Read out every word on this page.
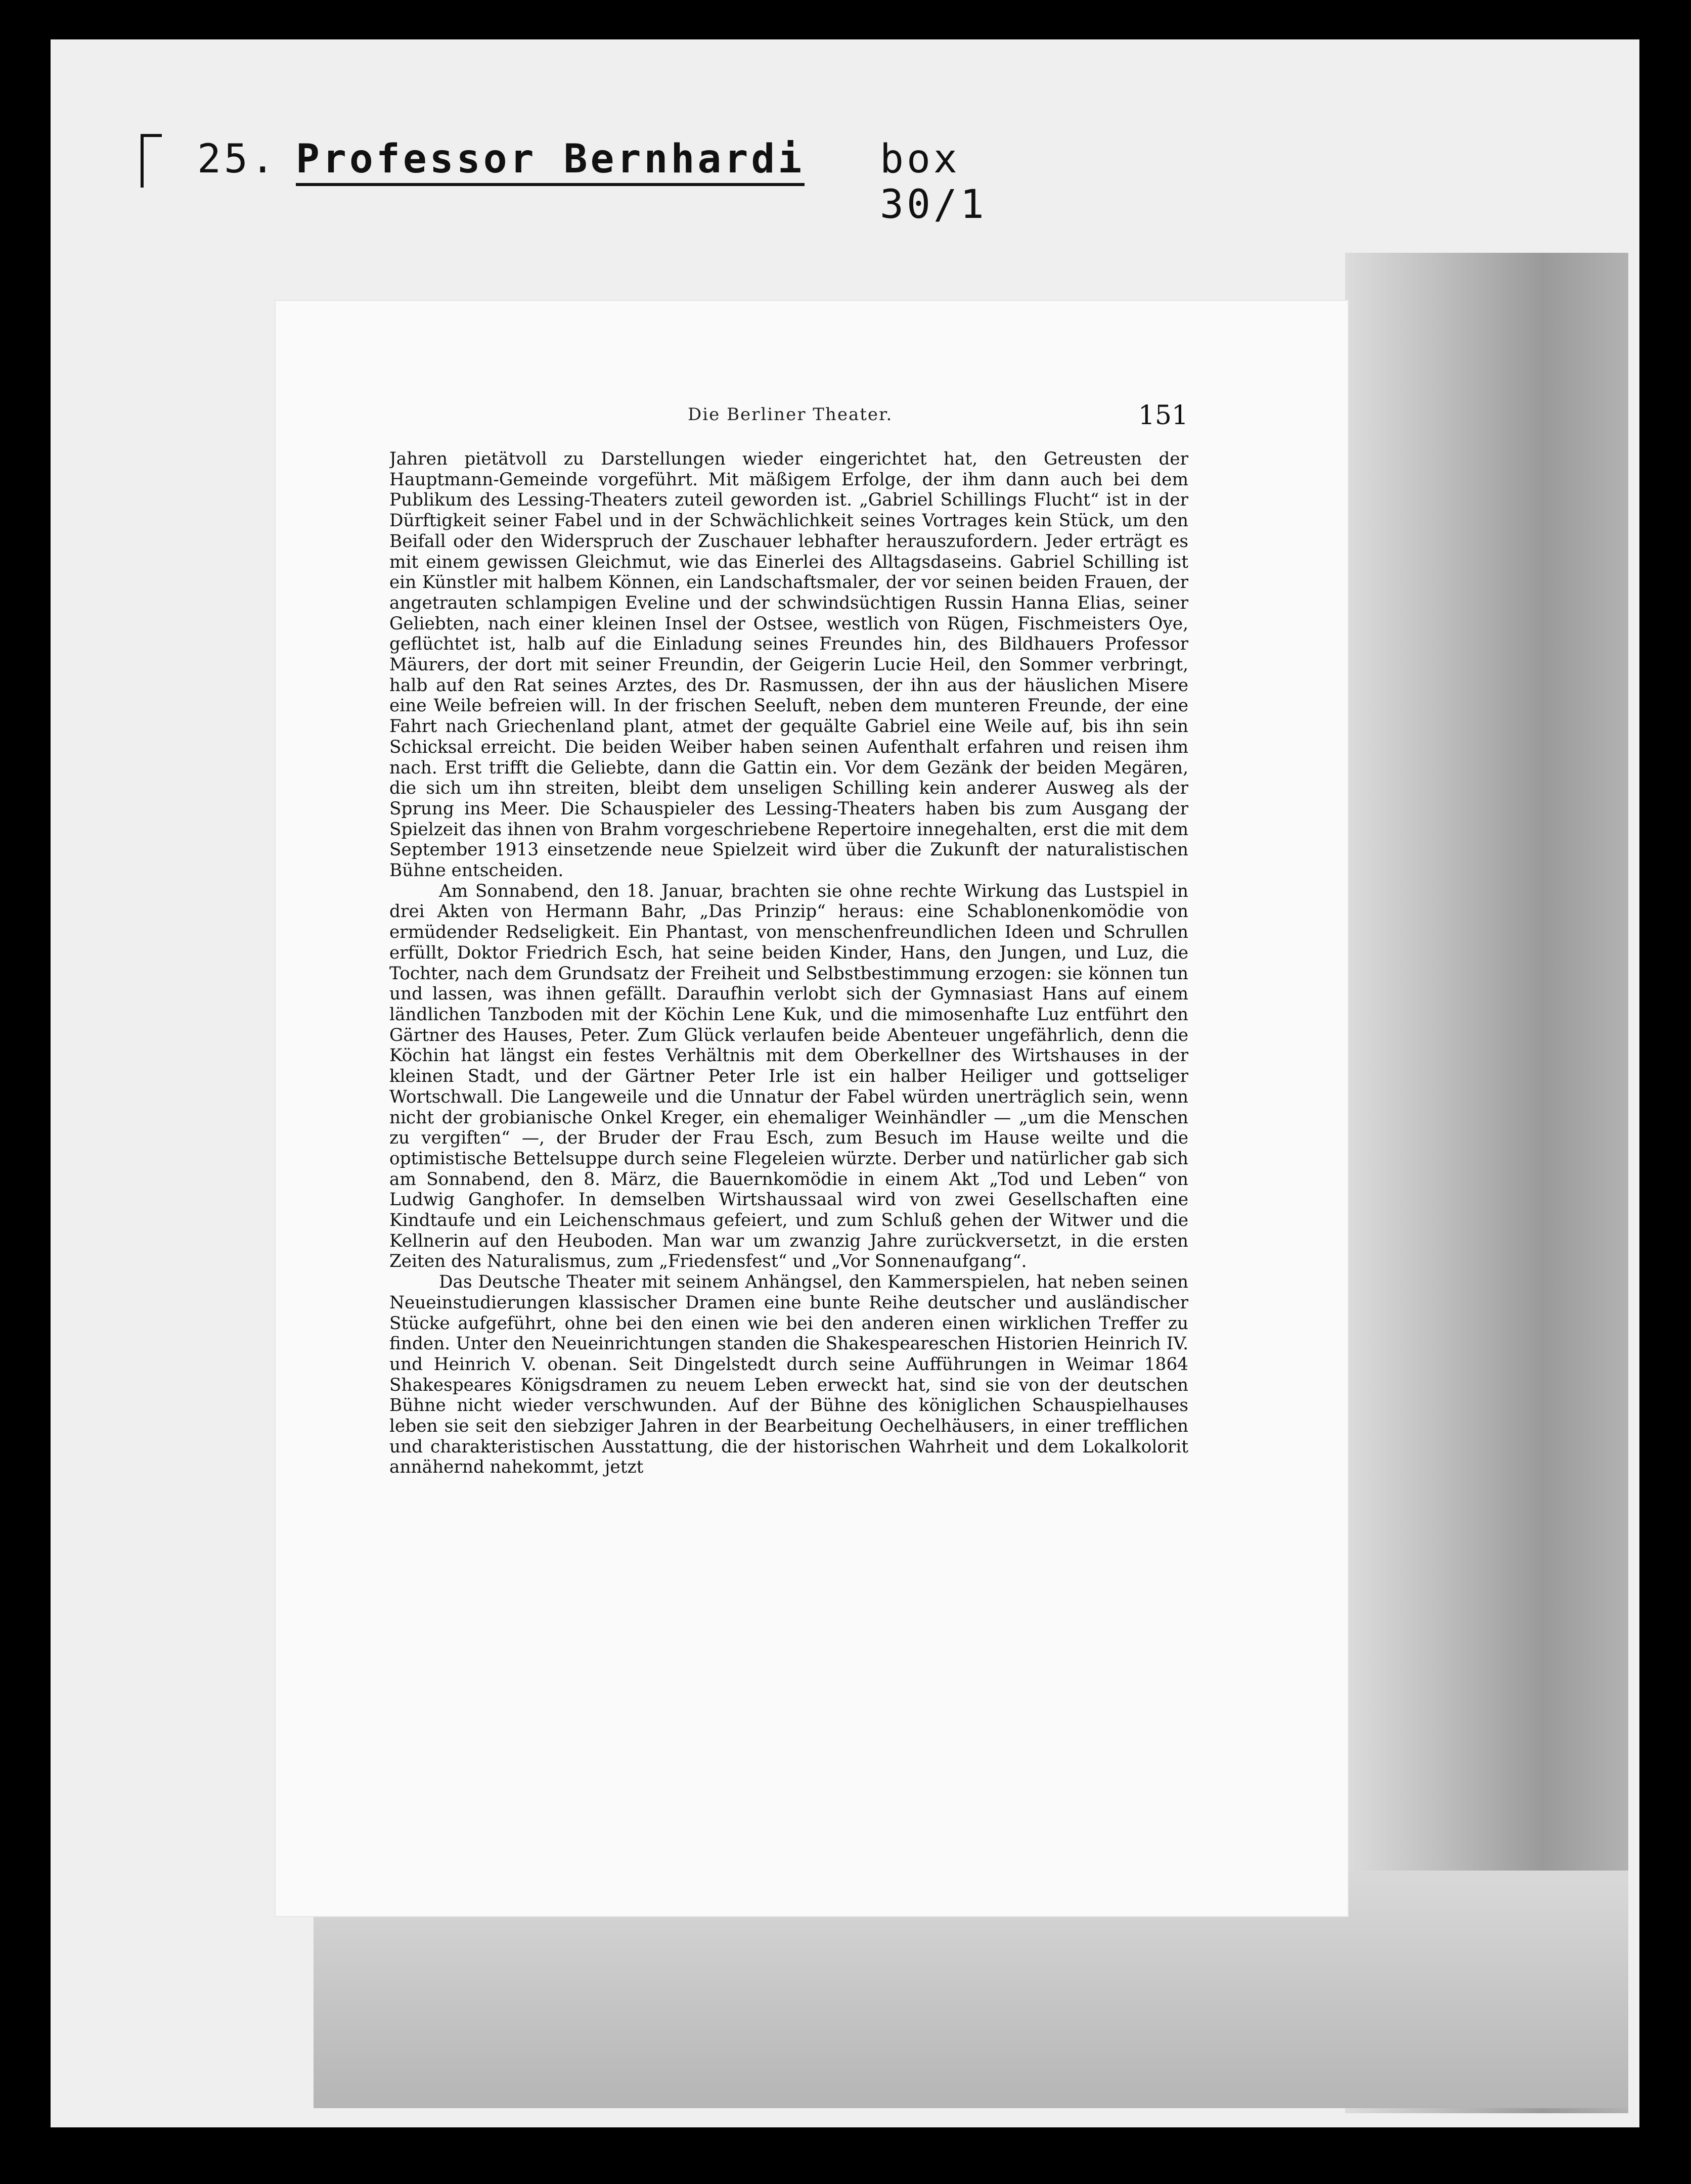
25. Professor Bernhardi box 30/1
Die Berliner Theater.	151

Jahren pietätvoll zu Darstellungen wieder eingerichtet hat, den Getreusten der Hauptmann-Gemeinde vorgeführt. Mit mäßigem Erfolge, der ihm dann auch bei dem Publikum des Lessing-Theaters zuteil geworden ist. „Gabriel Schillings Flucht“ ist in der Dürftigkeit seiner Fabel und in der Schwächlichkeit seines Vortrages kein Stück, um den Beifall oder den Widerspruch der Zuschauer lebhafter herauszufordern. Jeder erträgt es mit einem gewissen Gleichmut, wie das Einerlei des Alltagsdaseins. Gabriel Schilling ist ein Künstler mit halbem Können, ein Landschaftsmaler, der vor seinen beiden Frauen, der angetrauten schlampigen Eveline und der schwindsüchtigen Russin Hanna Elias, seiner Geliebten, nach einer kleinen Insel der Ostsee, westlich von Rügen, Fischmeisters Oye, geflüchtet ist, halb auf die Einladung seines Freundes hin, des Bildhauers Professor Mäurers, der dort mit seiner Freundin, der Geigerin Lucie Heil, den Sommer verbringt, halb auf den Rat seines Arztes, des Dr. Rasmussen, der ihn aus der häuslichen Misere eine Weile befreien will. In der frischen Seeluft, neben dem munteren Freunde, der eine Fahrt nach Griechenland plant, atmet der gequälte Gabriel eine Weile auf, bis ihn sein Schicksal erreicht. Die beiden Weiber haben seinen Aufenthalt erfahren und reisen ihm nach. Erst trifft die Geliebte, dann die Gattin ein. Vor dem Gezänk der beiden Megären, die sich um ihn streiten, bleibt dem unseligen Schilling kein anderer Ausweg als der Sprung ins Meer. Die Schauspieler des Lessing-Theaters haben bis zum Ausgang der Spielzeit das ihnen von Brahm vorgeschriebene Repertoire innegehalten, erst die mit dem September 1913 einsetzende neue Spielzeit wird über die Zukunft der naturalistischen Bühne entscheiden.

Am Sonnabend, den 18. Januar, brachten sie ohne rechte Wirkung das Lustspiel in drei Akten von Hermann Bahr, „Das Prinzip“ heraus: eine Schablonenkomödie von ermüdender Redseligkeit. Ein Phantast, von menschenfreundlichen Ideen und Schrullen erfüllt, Doktor Friedrich Esch, hat seine beiden Kinder, Hans, den Jungen, und Luz, die Tochter, nach dem Grundsatz der Freiheit und Selbstbestimmung erzogen: sie können tun und lassen, was ihnen gefällt. Daraufhin verlobt sich der Gymnasiast Hans auf einem ländlichen Tanzboden mit der Köchin Lene Kuk, und die mimosenhafte Luz entführt den Gärtner des Hauses, Peter. Zum Glück verlaufen beide Abenteuer ungefährlich, denn die Köchin hat längst ein festes Verhältnis mit dem Oberkellner des Wirtshauses in der kleinen Stadt, und der Gärtner Peter Irle ist ein halber Heiliger und gottseliger Wortschwall. Die Langeweile und die Unnatur der Fabel würden unerträglich sein, wenn nicht der grobianische Onkel Kreger, ein ehemaliger Weinhändler — „um die Menschen zu vergiften“ —, der Bruder der Frau Esch, zum Besuch im Hause weilte und die optimistische Bettelsuppe durch seine Flegeleien würzte. Derber und natürlicher gab sich am Sonnabend, den 8. März, die Bauernkomödie in einem Akt „Tod und Leben“ von Ludwig Ganghofer. In demselben Wirtshaussaal wird von zwei Gesellschaften eine Kindtaufe und ein Leichenschmaus gefeiert, und zum Schluß gehen der Witwer und die Kellnerin auf den Heuboden. Man war um zwanzig Jahre zurückversetzt, in die ersten Zeiten des Naturalismus, zum „Friedensfest“ und „Vor Sonnenaufgang“.

Das Deutsche Theater mit seinem Anhängsel, den Kammerspielen, hat neben seinen Neueinstudierungen klassischer Dramen eine bunte Reihe deutscher und ausländischer Stücke aufgeführt, ohne bei den einen wie bei den anderen einen wirklichen Treffer zu finden. Unter den Neueinrichtungen standen die Shakespeareschen Historien Heinrich IV. und Heinrich V. obenan. Seit Dingelstedt durch seine Aufführungen in Weimar 1864 Shakespeares Königsdramen zu neuem Leben erweckt hat, sind sie von der deutschen Bühne nicht wieder verschwunden. Auf der Bühne des königlichen Schauspielhauses leben sie seit den siebziger Jahren in der Bearbeitung Oechelhäusers, in einer trefflichen und charakteristischen Ausstattung, die der historischen Wahrheit und dem Lokalkolorit annähernd nahekommt, jetzt
